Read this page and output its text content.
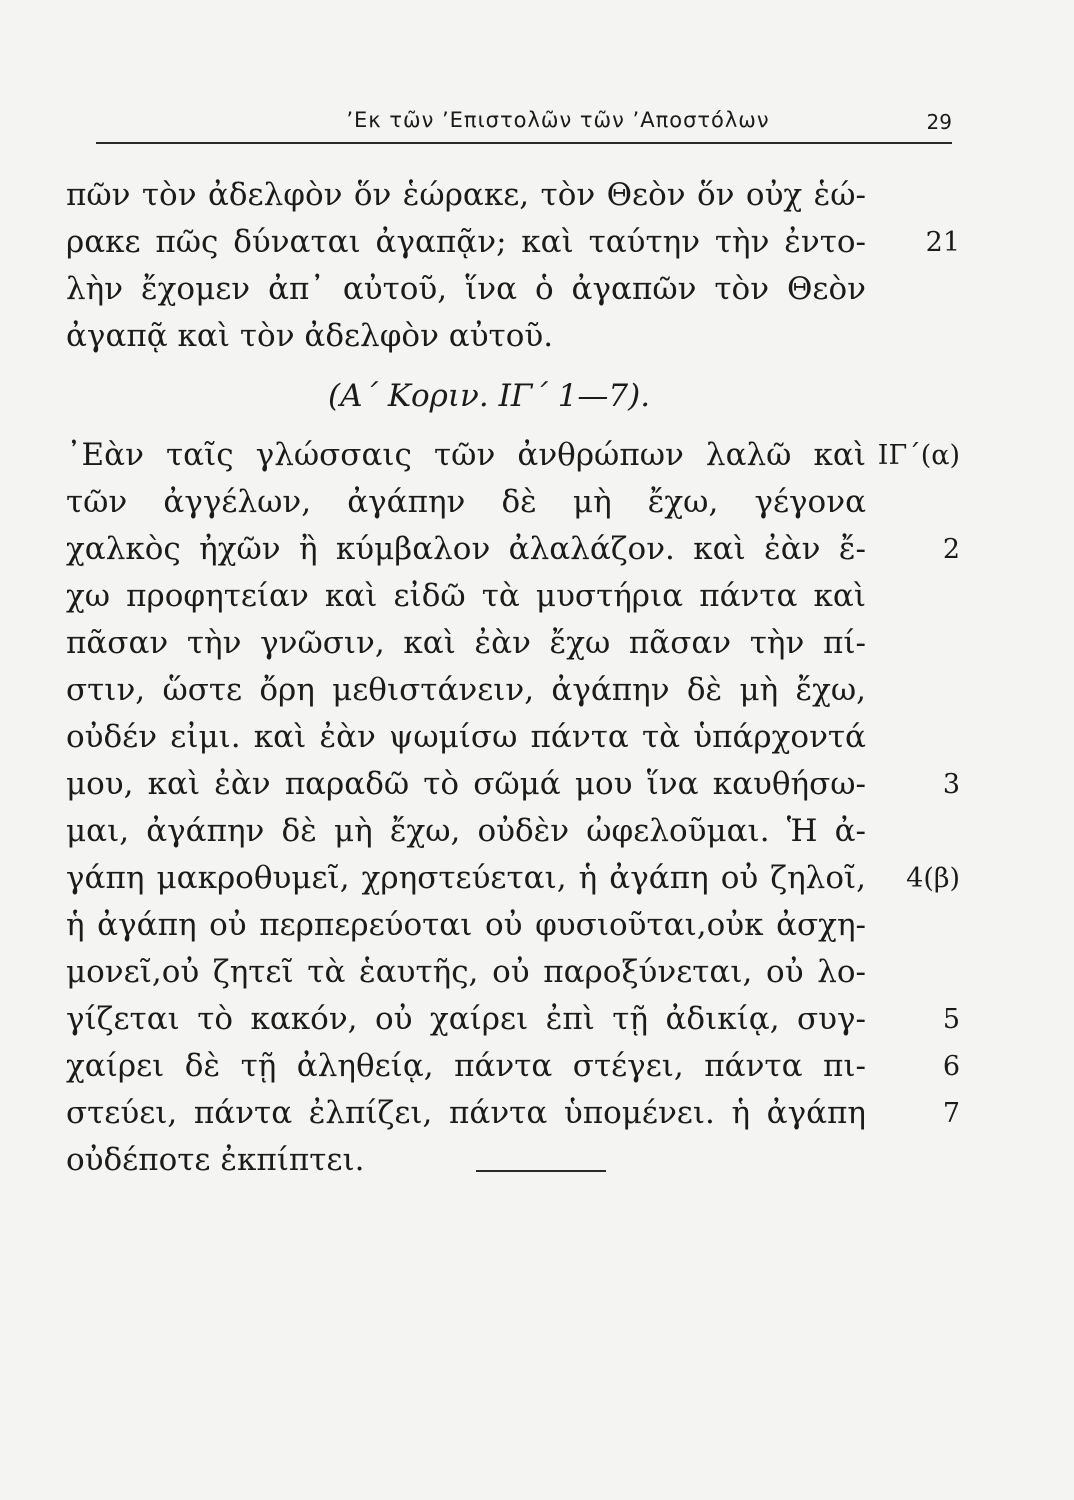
’Εκ τῶν ’Επιστολῶν τῶν ’Αποστόλων	29
πῶν τὸν ἀδελφὸν ὅν ἑώρακε, τὸν Θεὸν ὅν οὐχ ἑώ-
ρακε πῶς δύναται ἀγαπᾷν; καὶ ταύτην τὴν ἐντο-
λὴν ἔχομεν ἀπ᾿ αὐτοῦ, ἵνα ὁ ἀγαπῶν τὸν Θεὸν
ἀγαπᾷ καὶ τὸν ἀδελφὸν αὐτοῦ.
(Α΄ Κοριν. ΙΓ΄ 1—7).
᾿Εὰν ταῖς γλώσσαις τῶν ἀνθρώπων λαλῶ καὶ
τῶν ἀγγέλων, ἀγάπην δὲ μὴ ἔχω, γέγονα
χαλκὸς ἠχῶν ἢ κύμβαλον ἀλαλάζον. καὶ ἐὰν ἔ-
χω προφητείαν καὶ εἰδῶ τὰ μυστήρια πάντα καὶ
πᾶσαν τὴν γνῶσιν, καὶ ἐὰν ἔχω πᾶσαν τὴν πί-
στιν, ὥστε ὄρη μεθιστάνειν, ἀγάπην δὲ μὴ ἔχω,
οὐδέν εἰμι. καὶ ἐὰν ψωμίσω πάντα τὰ ὑπάρχοντά
μου, καὶ ἐὰν παραδῶ τὸ σῶμά μου ἵνα καυθήσω-
μαι, ἀγάπην δὲ μὴ ἔχω, οὐδὲν ὠφελοῦμαι. Ἡ ἀ-
γάπη μακροθυμεῖ, χρηστεύεται, ἡ ἀγάπη οὐ ζηλοῖ,
ἡ ἀγάπη οὐ περπερεύοται οὐ φυσιοῦται,οὐκ ἀσχη-
μονεῖ,οὐ ζητεῖ τὰ ἑαυτῆς, οὐ παροξύνεται, οὐ λο-
γίζεται τὸ κακόν, οὐ χαίρει ἐπὶ τῇ ἀδικίᾳ, συγ-
χαίρει δὲ τῇ ἀληθείᾳ, πάντα στέγει, πάντα πι-
στεύει, πάντα ἐλπίζει, πάντα ὑπομένει. ἡ ἀγάπη
οὐδέποτε ἐκπίπτει.
21
ΙΓ΄(α)
2
3
4(β)
5
6
7
